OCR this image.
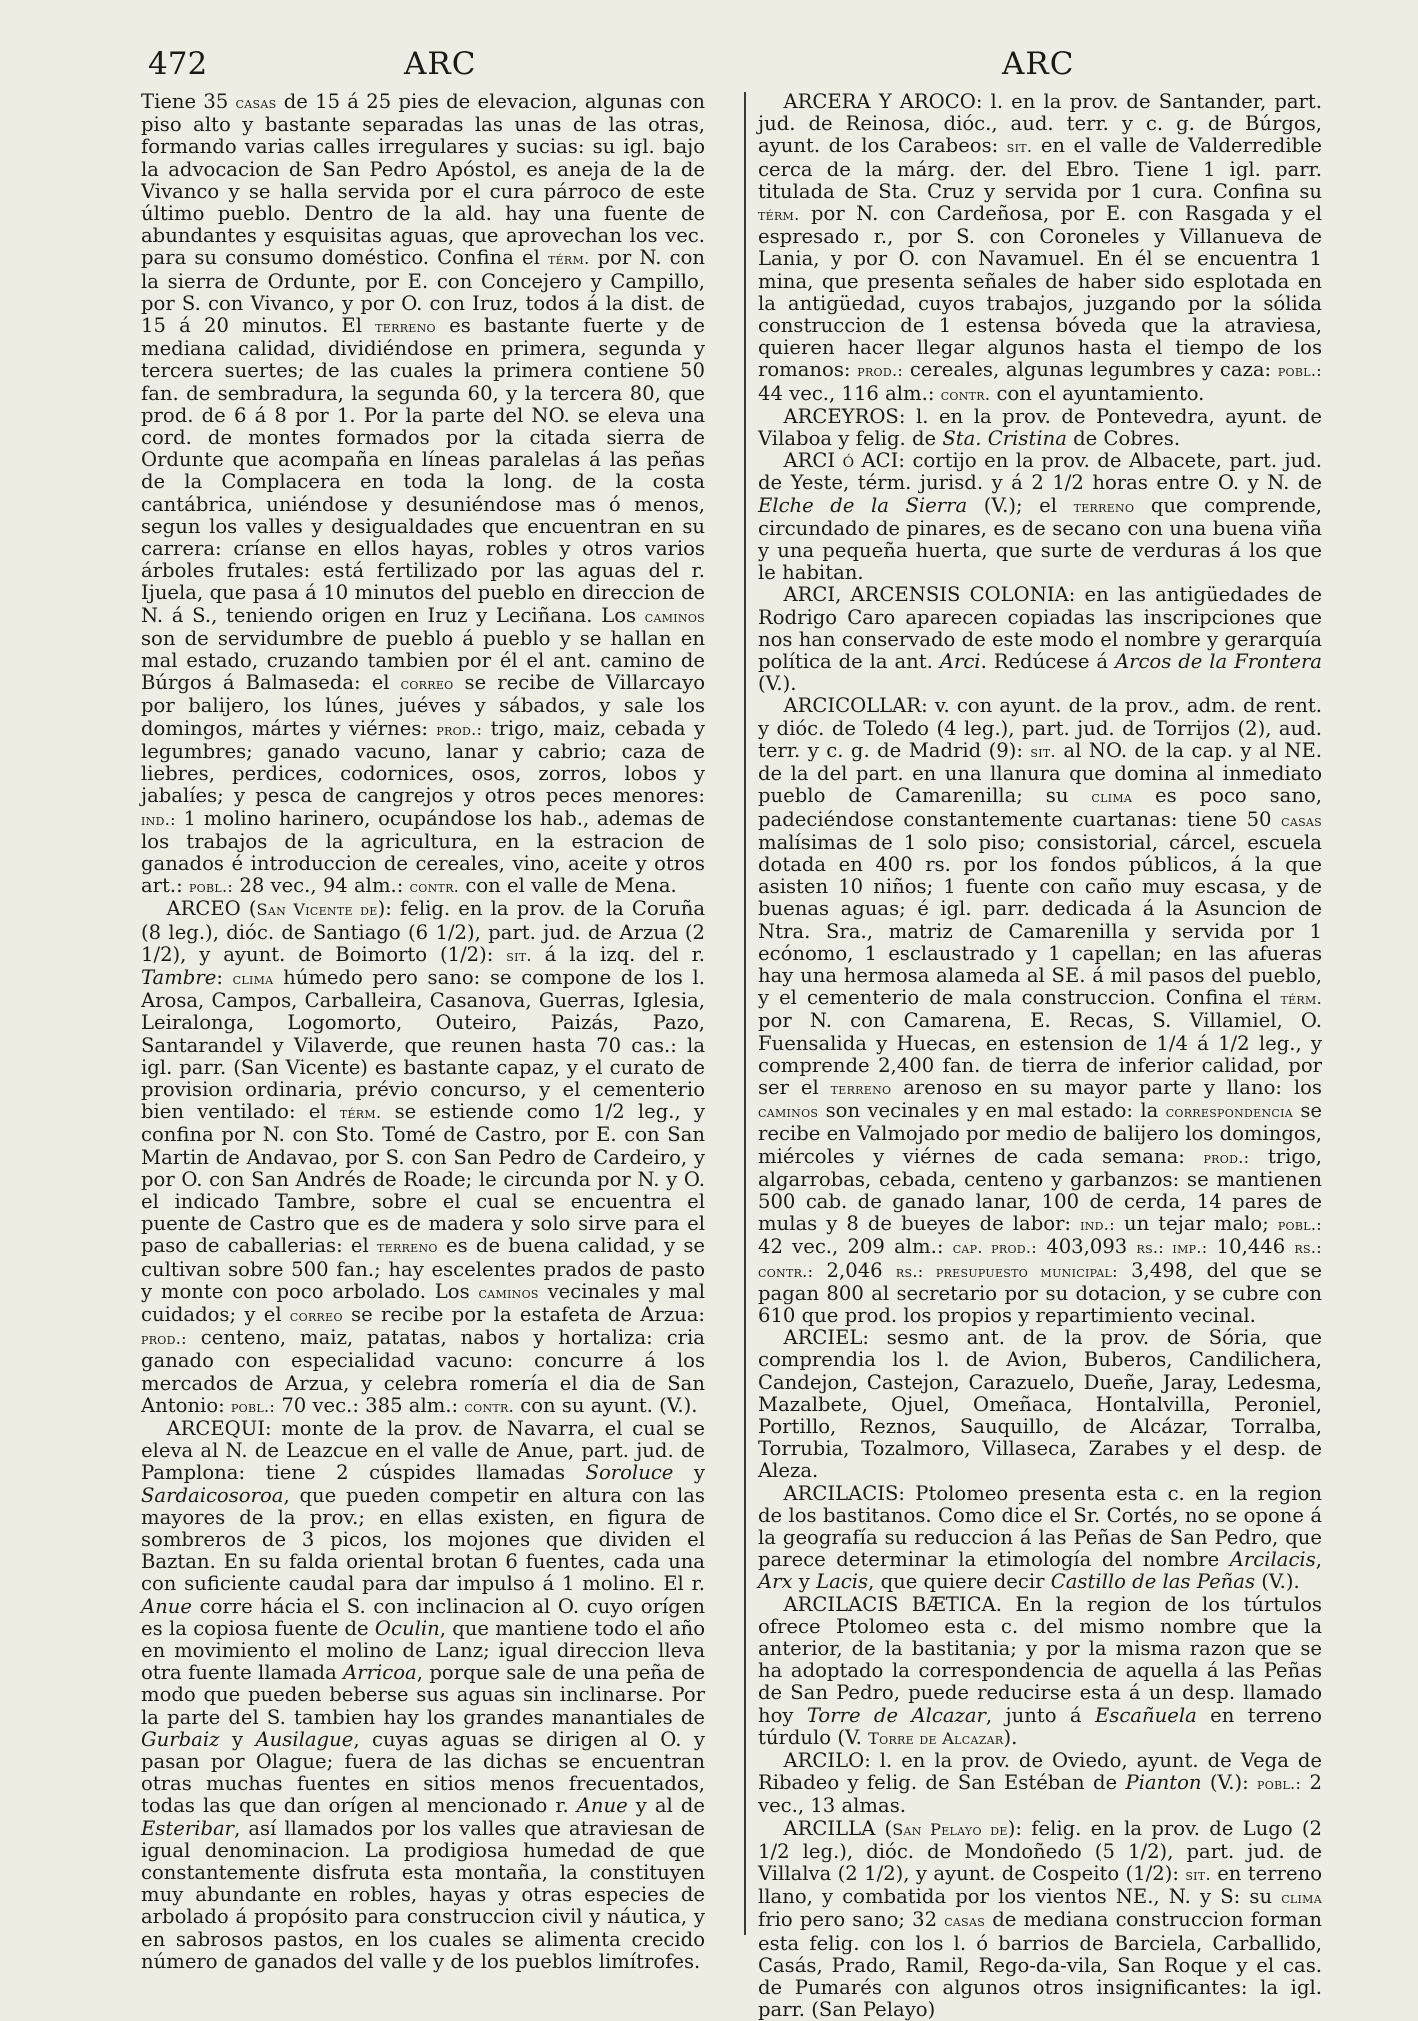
472	ARC	ARC

Tiene 35 casas de 15 á 25 pies de elevacion, algunas con piso alto y bastante separadas las unas de las otras, formando varias calles irregulares y sucias: su igl. bajo la advocacion de San Pedro Apóstol, es aneja de la de Vivanco y se halla servida por el cura párroco de este último pueblo. Dentro de la ald. hay una fuente de abundantes y esquisitas aguas, que aprovechan los vec. para su consumo doméstico. Confina el térm. por N. con la sierra de Ordunte, por E. con Concejero y Campillo, por S. con Vivanco, y por O. con Iruz, todos á la dist. de 15 á 20 minutos. El terreno es bastante fuerte y de mediana calidad, dividiéndose en primera, segunda y tercera suertes; de las cuales la primera contiene 50 fan. de sembradura, la segunda 60, y la tercera 80, que prod. de 6 á 8 por 1. Por la parte del NO. se eleva una cord. de montes formados por la citada sierra de Ordunte que acompaña en líneas paralelas á las peñas de la Complacera en toda la long. de la costa cantábrica, uniéndose y desuniéndose mas ó menos, segun los valles y desigualdades que encuentran en su carrera: críanse en ellos hayas, robles y otros varios árboles frutales: está fertilizado por las aguas del r. Ijuela, que pasa á 10 minutos del pueblo en direccion de N. á S., teniendo origen en Iruz y Leciñana. Los caminos son de servidumbre de pueblo á pueblo y se hallan en mal estado, cruzando tambien por él el ant. camino de Búrgos á Balmaseda: el correo se recibe de Villarcayo por balijero, los lúnes, juéves y sábados, y sale los domingos, mártes y viérnes: prod.: trigo, maiz, cebada y legumbres; ganado vacuno, lanar y cabrio; caza de liebres, perdices, codornices, osos, zorros, lobos y jabalíes; y pesca de cangrejos y otros peces menores: ind.: 1 molino harinero, ocupándose los hab., ademas de los trabajos de la agricultura, en la estracion de ganados é introduccion de cereales, vino, aceite y otros art.: pobl.: 28 vec., 94 alm.: contr. con el valle de Mena.

ARCEO (San Vicente de): felig. en la prov. de la Coruña (8 leg.), dióc. de Santiago (6 1/2), part. jud. de Arzua (2 1/2), y ayunt. de Boimorto (1/2): sit. á la izq. del r. Tambre: clima húmedo pero sano: se compone de los l. Arosa, Campos, Carballeira, Casanova, Guerras, Iglesia, Leiralonga, Logomorto, Outeiro, Paizás, Pazo, Santarandel y Vilaverde, que reunen hasta 70 cas.: la igl. parr. (San Vicente) es bastante capaz, y el curato de provision ordinaria, prévio concurso, y el cementerio bien ventilado: el térm. se estiende como 1/2 leg., y confina por N. con Sto. Tomé de Castro, por E. con San Martin de Andavao, por S. con San Pedro de Cardeiro, y por O. con San Andrés de Roade; le circunda por N. y O. el indicado Tambre, sobre el cual se encuentra el puente de Castro que es de madera y solo sirve para el paso de caballerias: el terreno es de buena calidad, y se cultivan sobre 500 fan.; hay escelentes prados de pasto y monte con poco arbolado. Los caminos vecinales y mal cuidados; y el correo se recibe por la estafeta de Arzua: prod.: centeno, maiz, patatas, nabos y hortaliza: cria ganado con especialidad vacuno: concurre á los mercados de Arzua, y celebra romería el dia de San Antonio: pobl.: 70 vec.: 385 alm.: contr. con su ayunt. (V.).

ARCEQUI: monte de la prov. de Navarra, el cual se eleva al N. de Leazcue en el valle de Anue, part. jud. de Pamplona: tiene 2 cúspides llamadas Soroluce y Sardaicosoroa, que pueden competir en altura con las mayores de la prov.; en ellas existen, en figura de sombreros de 3 picos, los mojones que dividen el Baztan. En su falda oriental brotan 6 fuentes, cada una con suficiente caudal para dar impulso á 1 molino. El r. Anue corre hácia el S. con inclinacion al O. cuyo orígen es la copiosa fuente de Oculin, que mantiene todo el año en movimiento el molino de Lanz; igual direccion lleva otra fuente llamada Arricoa, porque sale de una peña de modo que pueden beberse sus aguas sin inclinarse. Por la parte del S. tambien hay los grandes manantiales de Gurbaiz y Ausilague, cuyas aguas se dirigen al O. y pasan por Olague; fuera de las dichas se encuentran otras muchas fuentes en sitios menos frecuentados, todas las que dan orígen al mencionado r. Anue y al de Esteribar, así llamados por los valles que atraviesan de igual denominacion. La prodigiosa humedad de que constantemente disfruta esta montaña, la constituyen muy abundante en robles, hayas y otras especies de arbolado á propósito para construccion civil y náutica, y en sabrosos pastos, en los cuales se alimenta crecido número de ganados del valle y de los pueblos limítrofes.

ARCERA Y AROCO: l. en la prov. de Santander, part. jud. de Reinosa, dióc., aud. terr. y c. g. de Búrgos, ayunt. de los Carabeos: sit. en el valle de Valderredible cerca de la márg. der. del Ebro. Tiene 1 igl. parr. titulada de Sta. Cruz y servida por 1 cura. Confina su térm. por N. con Cardeñosa, por E. con Rasgada y el espresado r., por S. con Coroneles y Villanueva de Lania, y por O. con Navamuel. En él se encuentra 1 mina, que presenta señales de haber sido esplotada en la antigüedad, cuyos trabajos, juzgando por la sólida construccion de 1 estensa bóveda que la atraviesa, quieren hacer llegar algunos hasta el tiempo de los romanos: prod.: cereales, algunas legumbres y caza: pobl.: 44 vec., 116 alm.: contr. con el ayuntamiento.

ARCEYROS: l. en la prov. de Pontevedra, ayunt. de Vilaboa y felig. de Sta. Cristina de Cobres.

ARCI ó ACI: cortijo en la prov. de Albacete, part. jud. de Yeste, térm. jurisd. y á 2 1/2 horas entre O. y N. de Elche de la Sierra (V.); el terreno que comprende, circundado de pinares, es de secano con una buena viña y una pequeña huerta, que surte de verduras á los que le habitan.

ARCI, ARCENSIS COLONIA: en las antigüedades de Rodrigo Caro aparecen copiadas las inscripciones que nos han conservado de este modo el nombre y gerarquía política de la ant. Arci. Redúcese á Arcos de la Frontera (V.).

ARCICOLLAR: v. con ayunt. de la prov., adm. de rent. y dióc. de Toledo (4 leg.), part. jud. de Torrijos (2), aud. terr. y c. g. de Madrid (9): sit. al NO. de la cap. y al NE. de la del part. en una llanura que domina al inmediato pueblo de Camarenilla; su clima es poco sano, padeciéndose constantemente cuartanas: tiene 50 casas malísimas de 1 solo piso; consistorial, cárcel, escuela dotada en 400 rs. por los fondos públicos, á la que asisten 10 niños; 1 fuente con caño muy escasa, y de buenas aguas; é igl. parr. dedicada á la Asuncion de Ntra. Sra., matriz de Camarenilla y servida por 1 ecónomo, 1 esclaustrado y 1 capellan; en las afueras hay una hermosa alameda al SE. á mil pasos del pueblo, y el cementerio de mala construccion. Confina el térm. por N. con Camarena, E. Recas, S. Villamiel, O. Fuensalida y Huecas, en estension de 1/4 á 1/2 leg., y comprende 2,400 fan. de tierra de inferior calidad, por ser el terreno arenoso en su mayor parte y llano: los caminos son vecinales y en mal estado: la correspondencia se recibe en Valmojado por medio de balijero los domingos, miércoles y viérnes de cada semana: prod.: trigo, algarrobas, cebada, centeno y garbanzos: se mantienen 500 cab. de ganado lanar, 100 de cerda, 14 pares de mulas y 8 de bueyes de labor: ind.: un tejar malo; pobl.: 42 vec., 209 alm.: cap. prod.: 403,093 rs.: imp.: 10,446 rs.: contr.: 2,046 rs.: presupuesto municipal: 3,498, del que se pagan 800 al secretario por su dotacion, y se cubre con 610 que prod. los propios y repartimiento vecinal.

ARCIEL: sesmo ant. de la prov. de Sória, que comprendia los l. de Avion, Buberos, Candilichera, Candejon, Castejon, Carazuelo, Dueñe, Jaray, Ledesma, Mazalbete, Ojuel, Omeñaca, Hontalvilla, Peroniel, Portillo, Reznos, Sauquillo, de Alcázar, Torralba, Torrubia, Tozalmoro, Villaseca, Zarabes y el desp. de Aleza.

ARCILACIS: Ptolomeo presenta esta c. en la region de los bastitanos. Como dice el Sr. Cortés, no se opone á la geografía su reduccion á las Peñas de San Pedro, que parece determinar la etimología del nombre Arcilacis, Arx y Lacis, que quiere decir Castillo de las Peñas (V.).

ARCILACIS BÆTICA. En la region de los túrtulos ofrece Ptolomeo esta c. del mismo nombre que la anterior, de la bastitania; y por la misma razon que se ha adoptado la correspondencia de aquella á las Peñas de San Pedro, puede reducirse esta á un desp. llamado hoy Torre de Alcazar, junto á Escañuela en terreno túrdulo (V. Torre de Alcazar).

ARCILO: l. en la prov. de Oviedo, ayunt. de Vega de Ribadeo y felig. de San Estéban de Pianton (V.): pobl.: 2 vec., 13 almas.

ARCILLA (San Pelayo de): felig. en la prov. de Lugo (2 1/2 leg.), dióc. de Mondoñedo (5 1/2), part. jud. de Villalva (2 1/2), y ayunt. de Cospeito (1/2): sit. en terreno llano, y combatida por los vientos NE., N. y S: su clima frio pero sano; 32 casas de mediana construccion forman esta felig. con los l. ó barrios de Barciela, Carballido, Casás, Prado, Ramil, Rego-da-vila, San Roque y el cas. de Pumarés con algunos otros insignificantes: la igl. parr. (San Pelayo)
